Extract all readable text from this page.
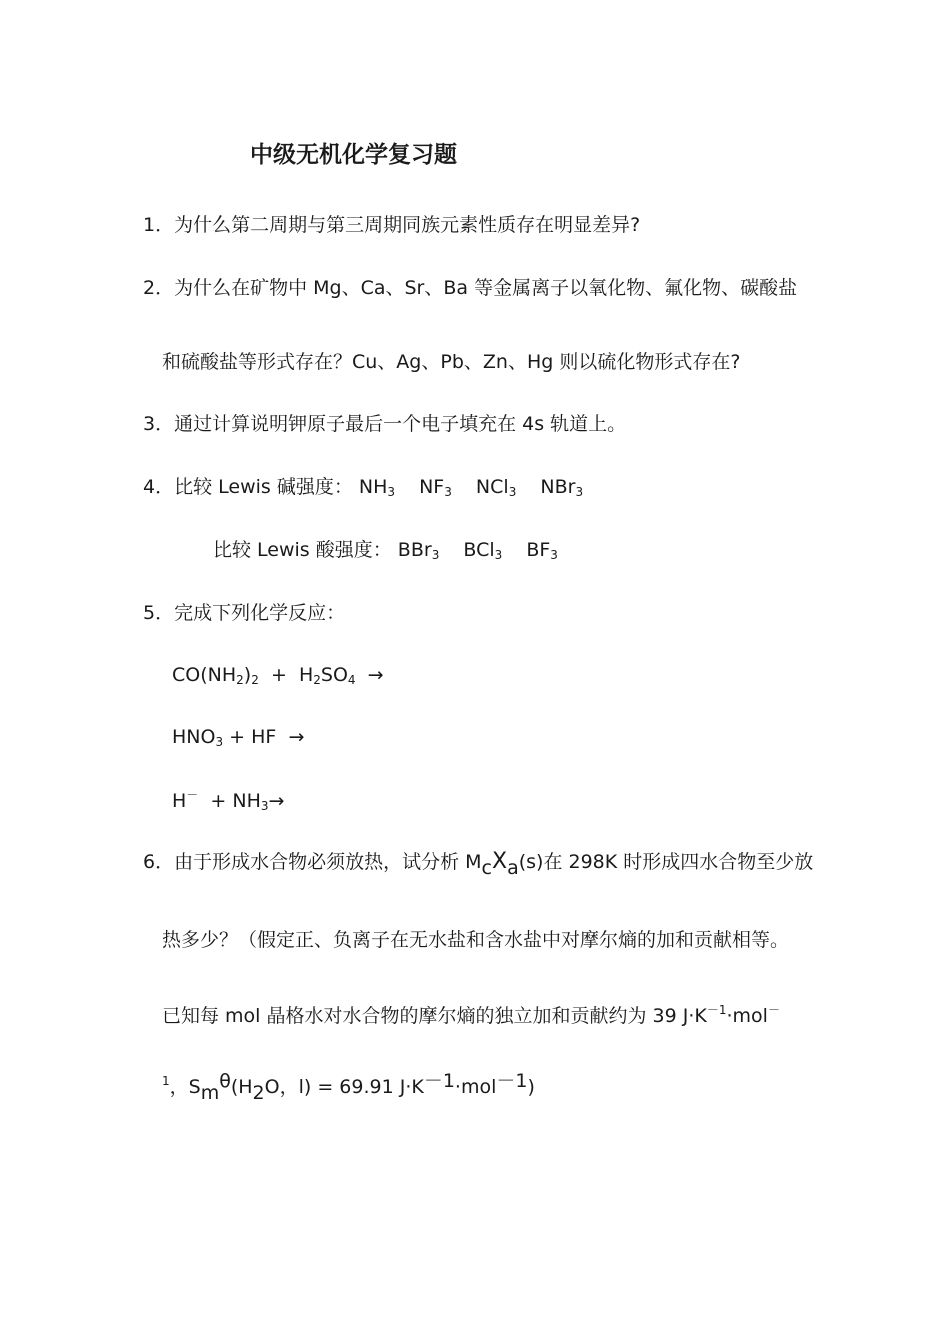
中级无机化学复习题
1．为什么第二周期与第三周期同族元素性质存在明显差异?
2．为什么在矿物中 Mg、Ca、Sr、Ba 等金属离子以氧化物、氟化物、碳酸盐
和硫酸盐等形式存在？Cu、Ag、Pb、Zn、Hg 则以硫化物形式存在?
3．通过计算说明钾原子最后一个电子填充在 4s 轨道上。
4．比较 Lewis 碱强度： $NH_3$ $NF_3$ NCl$_3$ NBr$_3$
比较 Lewis 酸强度： BBr$_3$ BCl$_3$ $BF_3$
5．完成下列化学反应：
$CO(NH_2)_2 + H_2SO_4$ →
$HNO_3$ + HF →
$H^- + NH_3\to$
6．由于形成水合物必须放热，试分析 McXa(s)在 298K 时形成四水合物至少放
热多少？（假定正、负离子在无水盐和含水盐中对摩尔熵的加和贡献相等。
已知每 mol 晶格水对水合物的摩尔熵的独立加和贡献约为 39 $J\cdot K^{-1}\cdot mol^-$
$^1$，Smθ(H2O，l) = 69.91 J·K－1·mol－1)
